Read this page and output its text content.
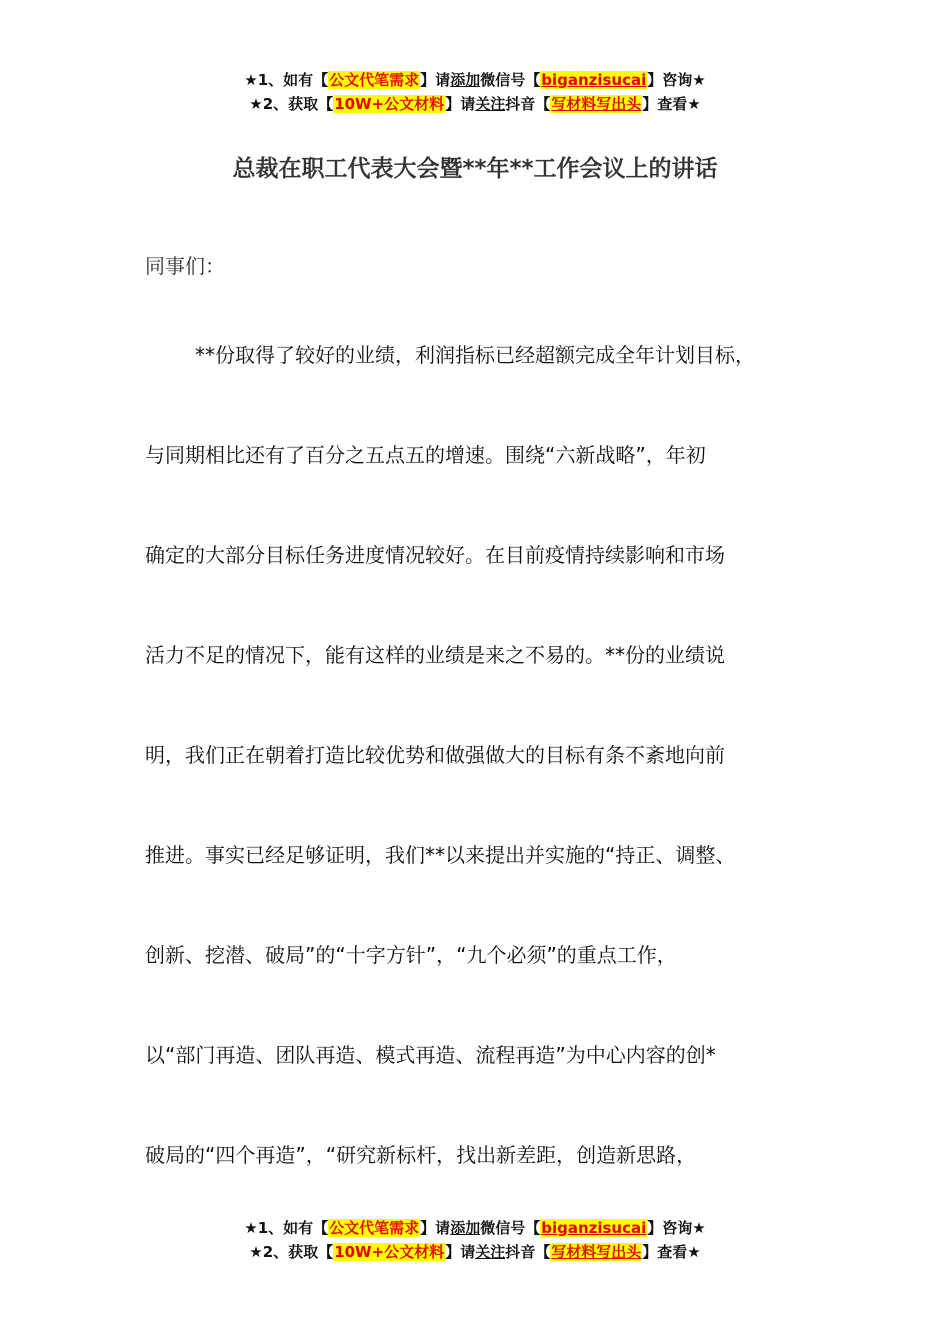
★1、如有【公文代笔需求】请添加微信号【biganzisucai】咨询★
★2、获取【10W+公文材料】请关注抖音【写材料写出头】查看★
总裁在职工代表大会暨**年**工作会议上的讲话
同事们：
**份取得了较好的业绩，利润指标已经超额完成全年计划目标，
与同期相比还有了百分之五点五的增速。围绕“六新战略”，年初
确定的大部分目标任务进度情况较好。在目前疫情持续影响和市场
活力不足的情况下，能有这样的业绩是来之不易的。**份的业绩说
明，我们正在朝着打造比较优势和做强做大的目标有条不紊地向前
推进。事实已经足够证明，我们**以来提出并实施的“持正、调整、
创新、挖潜、破局”的“十字方针”，“九个必须”的重点工作，
以“部门再造、团队再造、模式再造、流程再造”为中心内容的创*
破局的“四个再造”，“研究新标杆，找出新差距，创造新思路，
★1、如有【公文代笔需求】请添加微信号【biganzisucai】咨询★
★2、获取【10W+公文材料】请关注抖音【写材料写出头】查看★
